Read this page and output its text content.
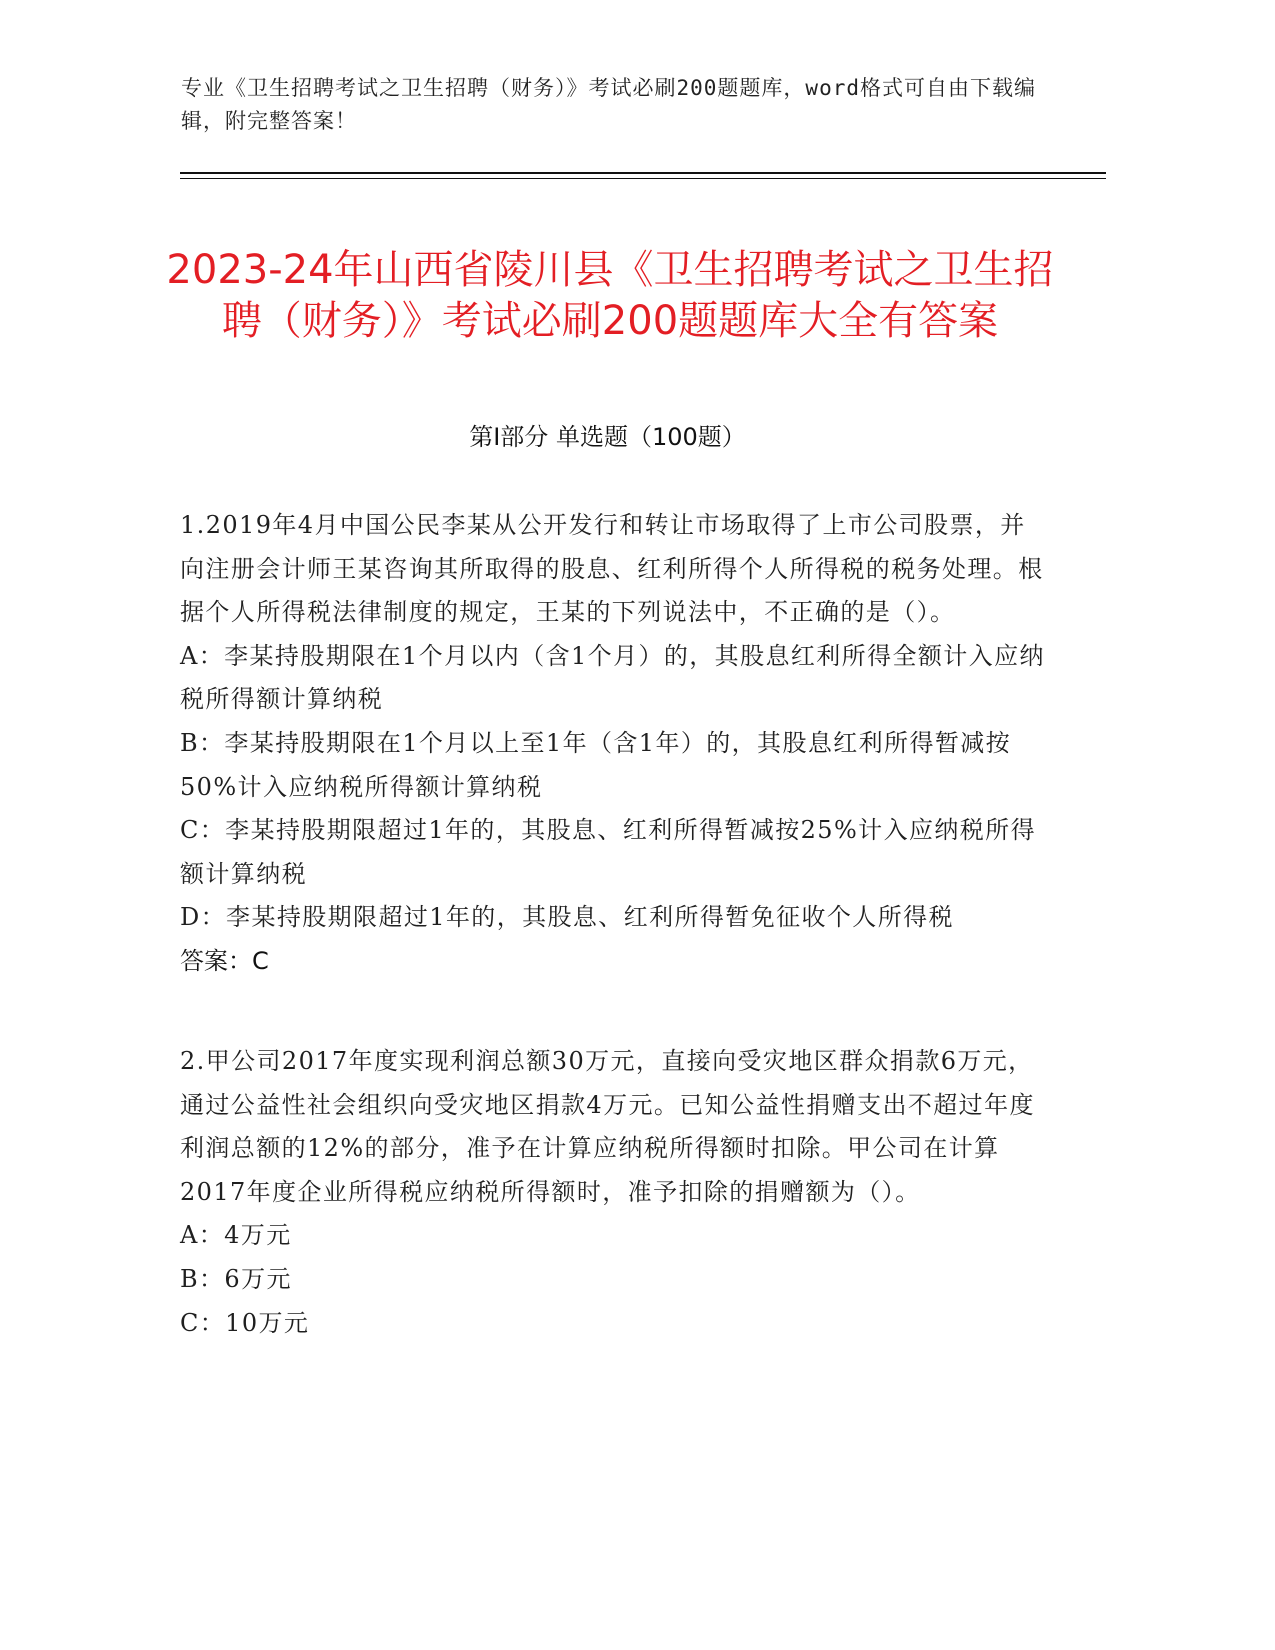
专业《卫生招聘考试之卫生招聘（财务）》考试必刷200题题库，word格式可自由下载编辑，附完整答案！
2023-24年山西省陵川县《卫生招聘考试之卫生招聘（财务）》考试必刷200题题库大全有答案
第Ⅰ部分 单选题（100题）

1.2019年4月中国公民李某从公开发行和转让市场取得了上市公司股票，并向注册会计师王某咨询其所取得的股息、红利所得个人所得税的税务处理。根据个人所得税法律制度的规定，王某的下列说法中，不正确的是（）。

A：李某持股期限在1个月以内（含1个月）的，其股息红利所得全额计入应纳税所得额计算纳税

B：李某持股期限在1个月以上至1年（含1年）的，其股息红利所得暂减按50%计入应纳税所得额计算纳税

C：李某持股期限超过1年的，其股息、红利所得暂减按25%计入应纳税所得额计算纳税

D：李某持股期限超过1年的，其股息、红利所得暂免征收个人所得税

答案：C

2.甲公司2017年度实现利润总额30万元，直接向受灾地区群众捐款6万元，通过公益性社会组织向受灾地区捐款4万元。已知公益性捐赠支出不超过年度利润总额的12%的部分，准予在计算应纳税所得额时扣除。甲公司在计算2017年度企业所得税应纳税所得额时，准予扣除的捐赠额为（）。

A：4万元

B：6万元

C：10万元
